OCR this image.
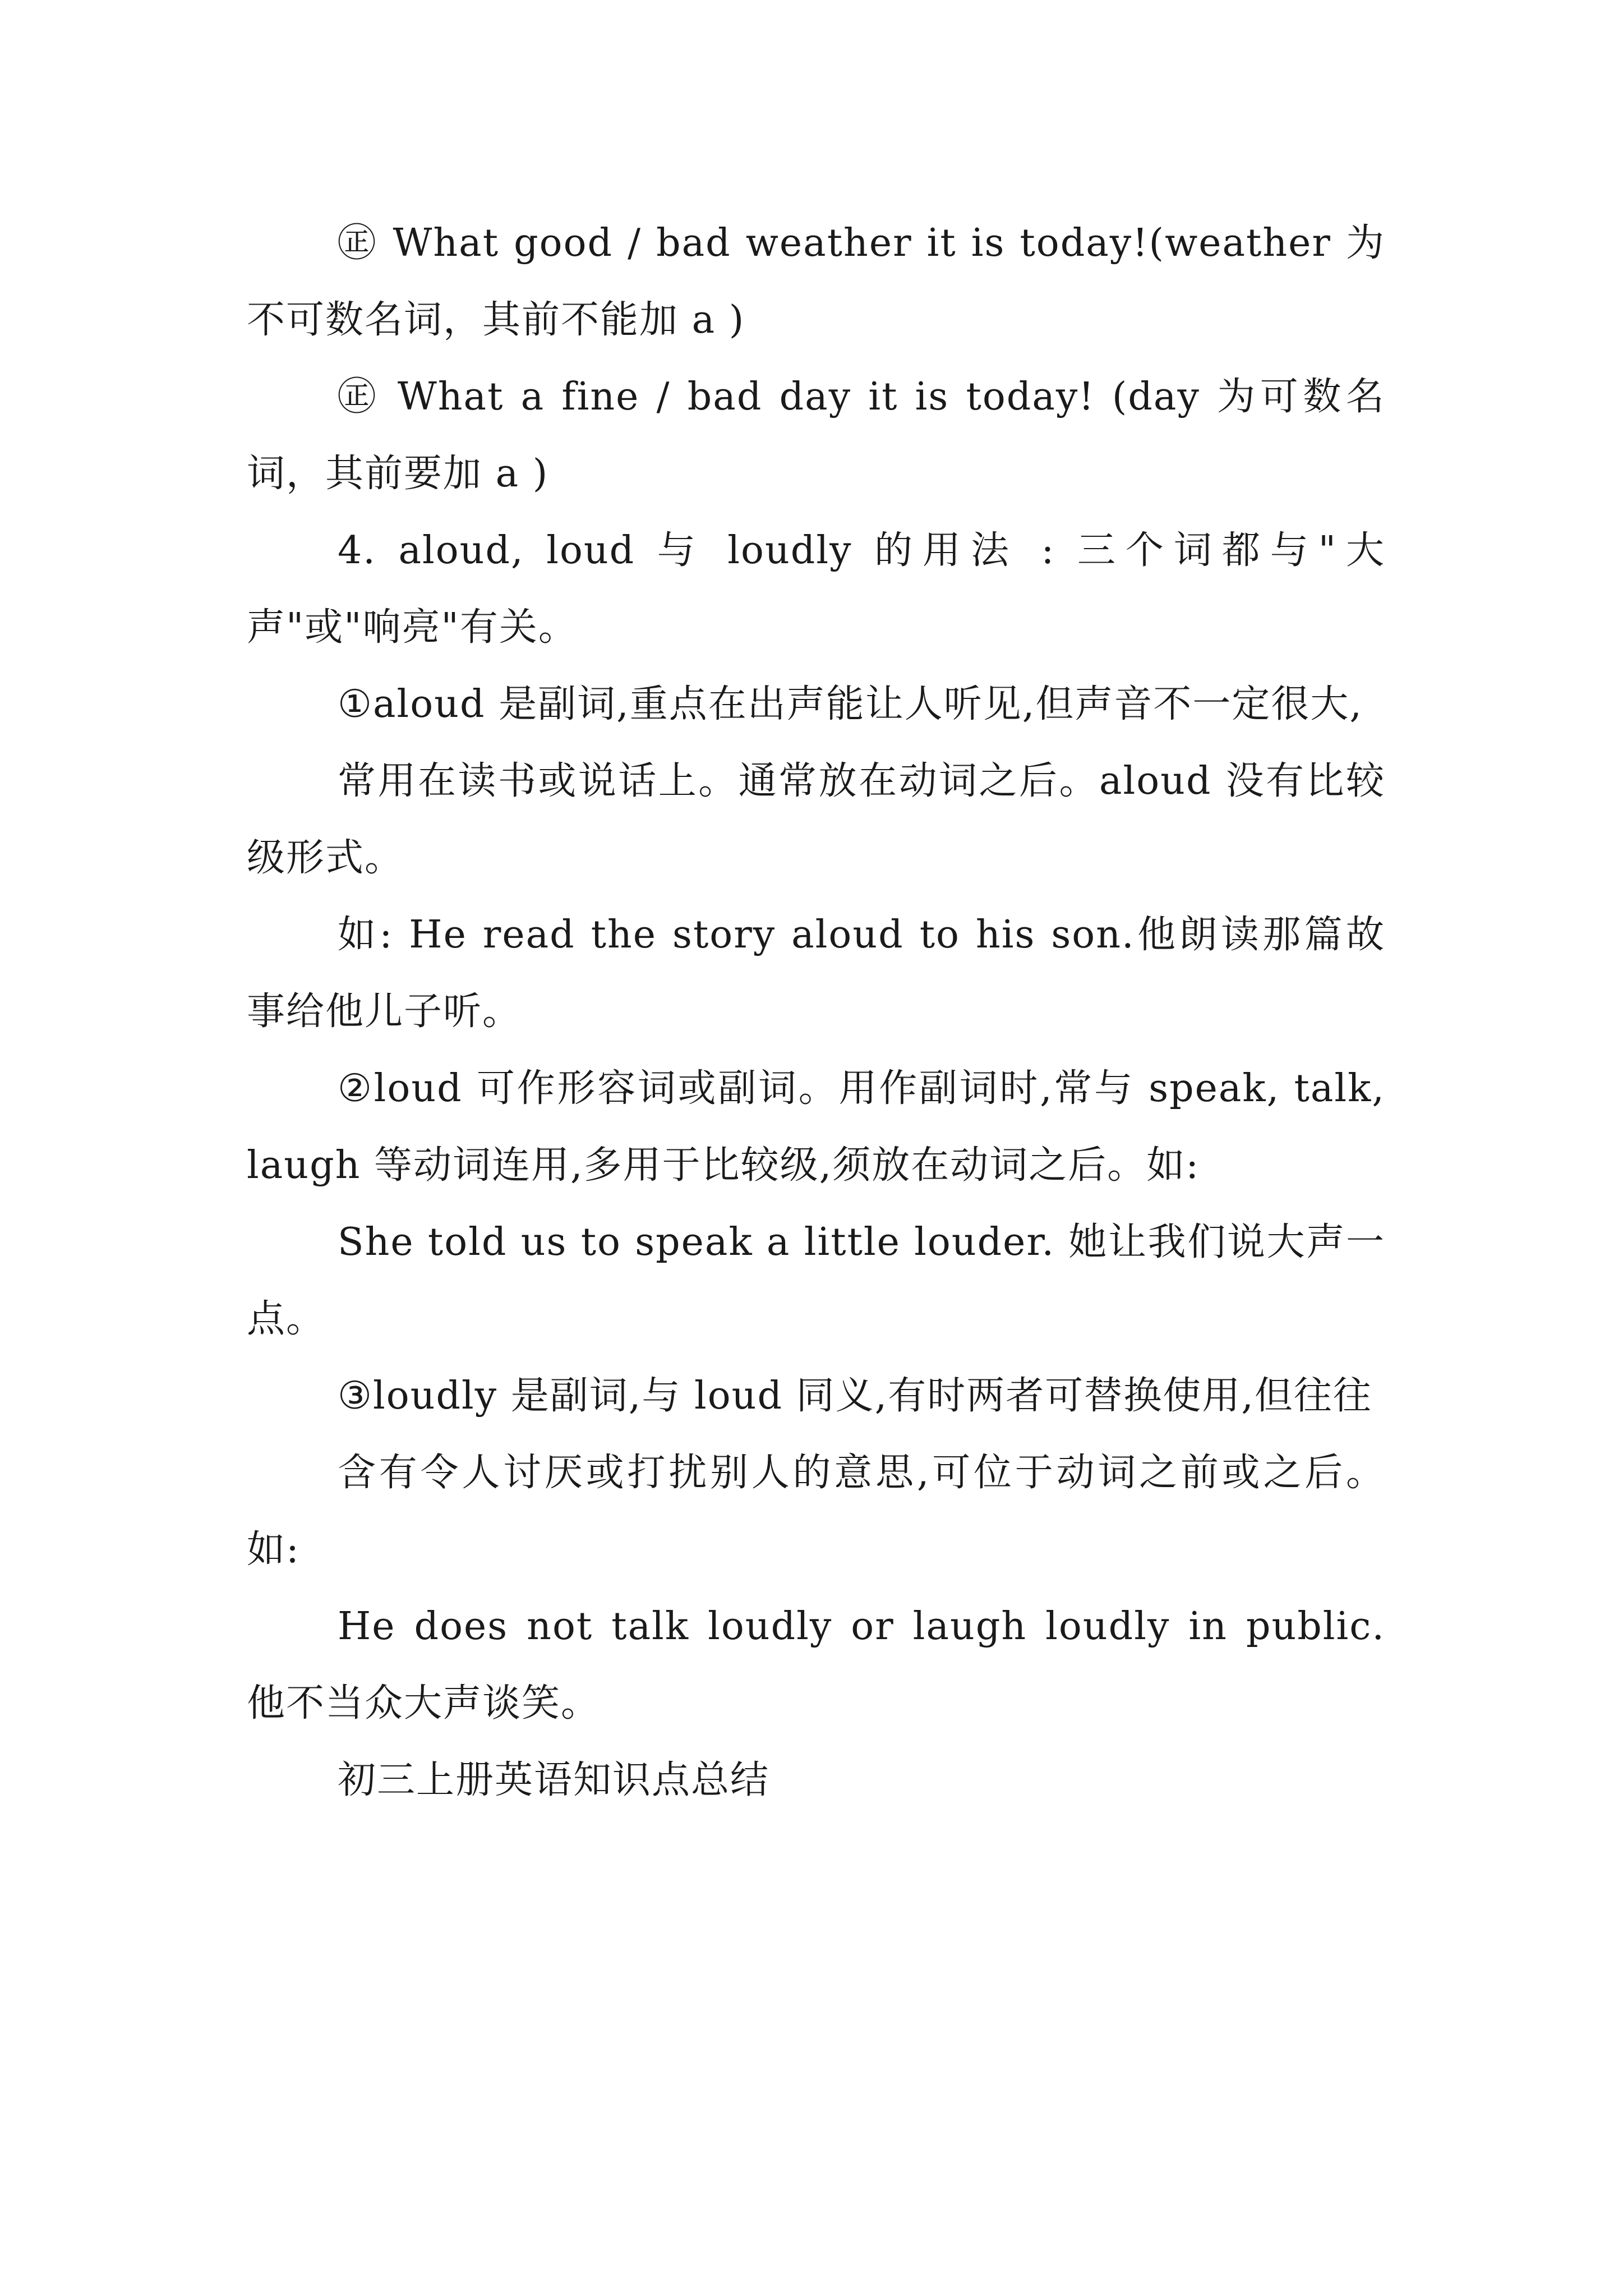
㊣ What good / bad weather it is today!(weather 为不可数名词，其前不能加 a )

㊣ What a fine / bad day it is today! (day 为可数名词，其前要加 a )

4. aloud, loud 与 loudly 的用法 : 三个词都与"大声"或"响亮"有关。

①aloud 是副词,重点在出声能让人听见,但声音不一定很大,

常用在读书或说话上。通常放在动词之后。aloud 没有比较级形式。

如: He read the story aloud to his son.他朗读那篇故事给他儿子听。

②loud 可作形容词或副词。用作副词时,常与 speak, talk, laugh 等动词连用,多用于比较级,须放在动词之后。如:

She told us to speak a little louder. 她让我们说大声一点。

③loudly 是副词,与 loud 同义,有时两者可替换使用,但往往

含有令人讨厌或打扰别人的意思,可位于动词之前或之后。如:

He does not talk loudly or laugh loudly in public. 他不当众大声谈笑。

初三上册英语知识点总结
